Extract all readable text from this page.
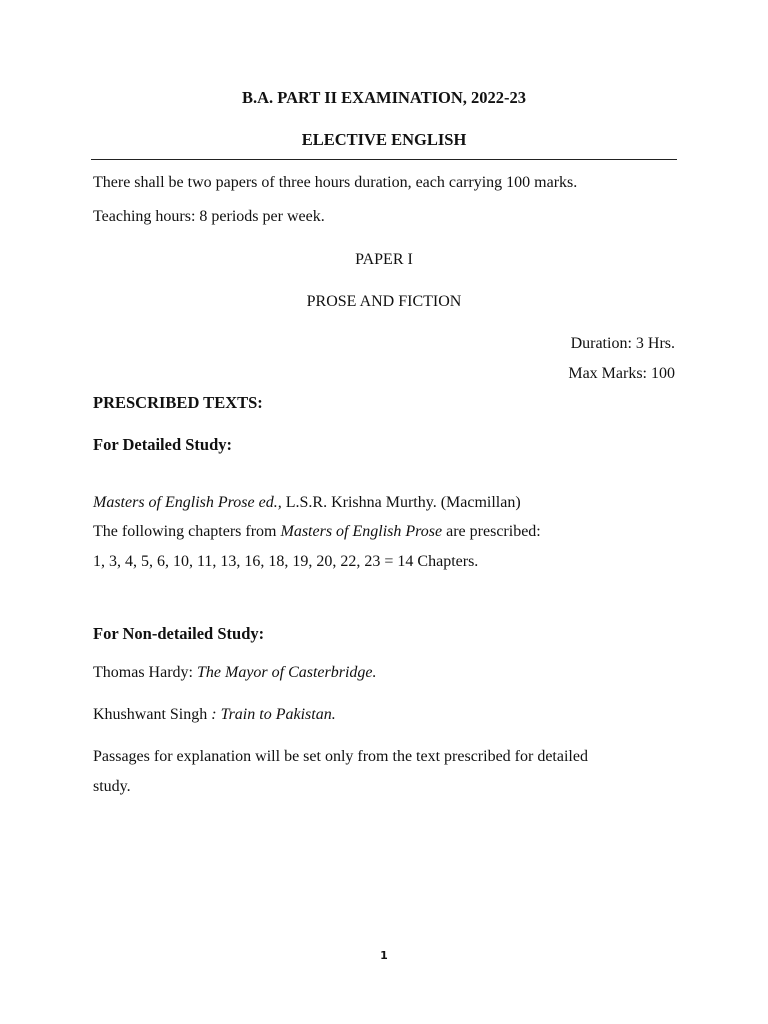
B.A. PART II EXAMINATION, 2022-23
ELECTIVE ENGLISH
There shall be two papers of three hours duration, each carrying 100 marks.
Teaching hours: 8 periods per week.
PAPER I
PROSE AND FICTION
Duration: 3 Hrs.
Max Marks: 100
PRESCRIBED TEXTS:
For Detailed Study:
Masters of English Prose ed., L.S.R. Krishna Murthy. (Macmillan)
The following chapters from Masters of English Prose are prescribed:
1, 3, 4, 5, 6, 10, 11, 13, 16, 18, 19, 20, 22, 23 = 14 Chapters.
For Non-detailed Study:
Thomas Hardy: The Mayor of Casterbridge.
Khushwant Singh : Train to Pakistan.
Passages for explanation will be set only from the text prescribed for detailed
study.
1
